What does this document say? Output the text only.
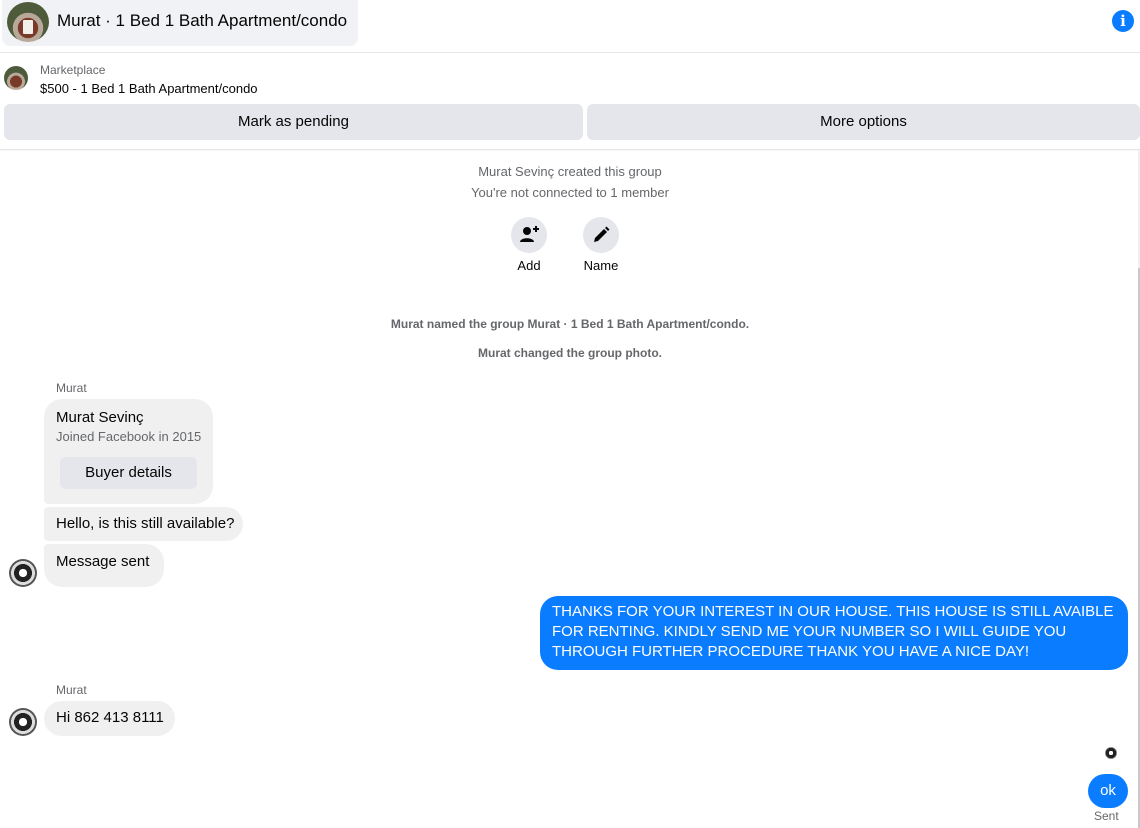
Murat · 1 Bed 1 Bath Apartment/condo	i
Marketplace
$500 - 1 Bed 1 Bath Apartment/condo
Mark as pending	More options
Murat Sevinç created this group
You're not connected to 1 member
Add	Name
Murat named the group Murat · 1 Bed 1 Bath Apartment/condo.
Murat changed the group photo.
Murat
Murat Sevinç
Joined Facebook in 2015
Buyer details
Hello, is this still available?
Message sent
THANKS FOR YOUR INTEREST IN OUR HOUSE. THIS HOUSE IS STILL AVAIBLE FOR RENTING. KINDLY SEND ME YOUR NUMBER SO I WILL GUIDE YOU THROUGH FURTHER PROCEDURE THANK YOU HAVE A NICE DAY!
Murat
Hi 862 413 8111
ok
Sent
